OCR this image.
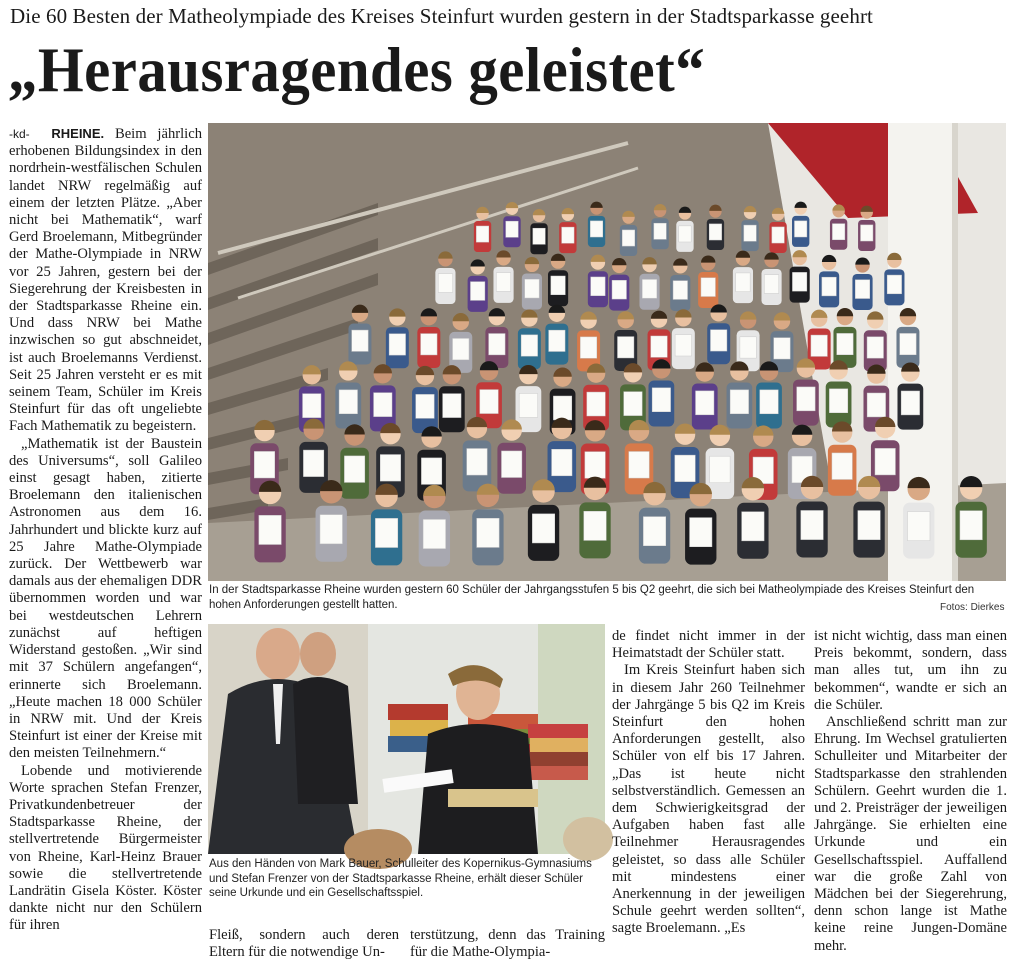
Die 60 Besten der Matheolympiade des Kreises Steinfurt wurden gestern in der Stadtsparkasse geehrt
„Herausragendes geleistet“

-kd- RHEINE. Beim jährlich erhobenen Bildungsindex in den nordrhein-westfälischen Schulen landet NRW regelmäßig auf einem der letzten Plätze. „Aber nicht bei Mathematik“, warf Gerd Broelemann, Mitbegründer der Mathe-Olympiade in NRW vor 25 Jahren, gestern bei der Siegerehrung der Kreisbesten in der Stadtsparkasse Rheine ein. Und dass NRW bei Mathe inzwischen so gut abschneidet, ist auch Broelemanns Verdienst. Seit 25 Jahren versteht er es mit seinem Team, Schüler im Kreis Steinfurt für das oft ungeliebte Fach Mathematik zu begeistern.

„Mathematik ist der Baustein des Universums“, soll Galileo einst gesagt haben, zitierte Broelemann den italienischen Astronomen aus dem 16. Jahrhundert und blickte kurz auf 25 Jahre Mathe-Olympiade zurück. Der Wettbewerb war damals aus der ehemaligen DDR übernommen worden und war bei westdeutschen Lehrern zunächst auf heftigen Widerstand gestoßen. „Wir sind mit 37 Schülern angefangen“, erinnerte sich Broelemann. „Heute machen 18 000 Schüler in NRW mit. Und der Kreis Steinfurt ist einer der Kreise mit den meisten Teilnehmern.“

Lobende und motivierende Worte sprachen Stefan Frenzer, Privatkundenbetreuer der Stadtsparkasse Rheine, der stellvertretende Bürgermeister von Rheine, Karl-Heinz Brauer sowie die stellvertretende Landrätin Gisela Köster. Köster dankte nicht nur den Schülern für ihren

In der Stadtsparkasse Rheine wurden gestern 60 Schüler der Jahrgangsstufen 5 bis Q2 geehrt, die sich bei Matheolympiade des Kreises Steinfurt den hohen Anforderungen gestellt hatten.	Fotos: Dierkes
Aus den Händen von Mark Bauer, Schulleiter des Kopernikus-Gymnasiums und Stefan Frenzer von der Stadtsparkasse Rheine, erhält dieser Schüler seine Urkunde und ein Gesellschaftsspiel.

Fleiß, sondern auch deren Eltern für die notwendige Un-

de findet nicht immer in der Heimatstadt der Schüler statt.

Im Kreis Steinfurt haben sich in diesem Jahr 260 Teilnehmer der Jahrgänge 5 bis Q2 im Kreis Steinfurt den hohen Anforderungen gestellt, also Schüler von elf bis 17 Jahren. „Das ist heute nicht selbstverständlich. Gemessen an dem Schwierigkeitsgrad der Aufgaben haben fast alle Teilnehmer Herausragendes geleistet, so dass alle Schüler mit mindestens einer Anerkennung in der jeweiligen Schule geehrt werden sollten“, sagte Broelemann. „Es

terstützung, denn das Training für die Mathe-Olympia-

ist nicht wichtig, dass man einen Preis bekommt, sondern, dass man alles tut, um ihn zu bekommen“, wandte er sich an die Schüler.

Anschließend schritt man zur Ehrung. Im Wechsel gratulierten Schulleiter und Mitarbeiter der Stadtsparkasse den strahlenden Schülern. Geehrt wurden die 1. und 2. Preisträger der jeweiligen Jahrgänge. Sie erhielten eine Urkunde und ein Gesellschaftsspiel. Auffallend war die große Zahl von Mädchen bei der Siegerehrung, denn schon lange ist Mathe keine reine Jungen-Domäne mehr.
